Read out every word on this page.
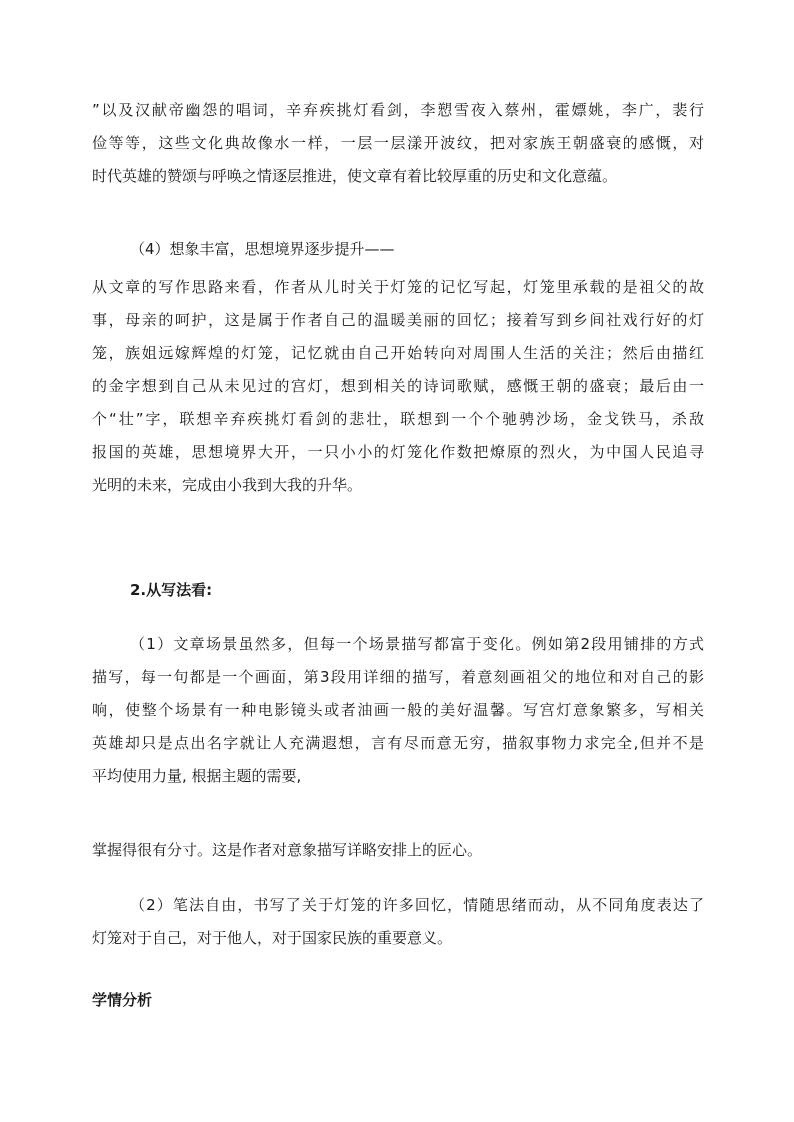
”以及汉献帝幽怨的唱词，辛弃疾挑灯看剑，李愬雪夜入蔡州，霍嫖姚，李广，裴行
俭等等，这些文化典故像水一样，一层一层漾开波纹，把对家族王朝盛衰的感慨，对
时代英雄的赞颂与呼唤之情逐层推进，使文章有着比较厚重的历史和文化意蕴。
（4）想象丰富，思想境界逐步提升——
从文章的写作思路来看，作者从儿时关于灯笼的记忆写起，灯笼里承载的是祖父的故
事，母亲的呵护，这是属于作者自己的温暖美丽的回忆；接着写到乡间社戏行好的灯
笼，族姐远嫁辉煌的灯笼，记忆就由自己开始转向对周围人生活的关注；然后由描红
的金字想到自己从未见过的宫灯，想到相关的诗词歌赋，感慨王朝的盛衰；最后由一
个“壮”字，联想辛弃疾挑灯看剑的悲壮，联想到一个个驰骋沙场，金戈铁马，杀敌
报国的英雄，思想境界大开，一只小小的灯笼化作数把燎原的烈火，为中国人民追寻
光明的未来，完成由小我到大我的升华。
2.从写法看:
（1）文章场景虽然多，但每一个场景描写都富于变化。例如第2段用铺排的方式
描写，每一句都是一个画面，第3段用详细的描写，着意刻画祖父的地位和对自己的影
响，使整个场景有一种电影镜头或者油画一般的美好温馨。写宫灯意象繁多，写相关
英雄却只是点出名字就让人充满遐想，言有尽而意无穷，描叙事物力求完全,但并不是
平均使用力量, 根据主题的需要,
掌握得很有分寸。这是作者对意象描写详略安排上的匠心。
（2）笔法自由，书写了关于灯笼的许多回忆，情随思绪而动，从不同角度表达了
灯笼对于自己，对于他人，对于国家民族的重要意义。
学情分析
